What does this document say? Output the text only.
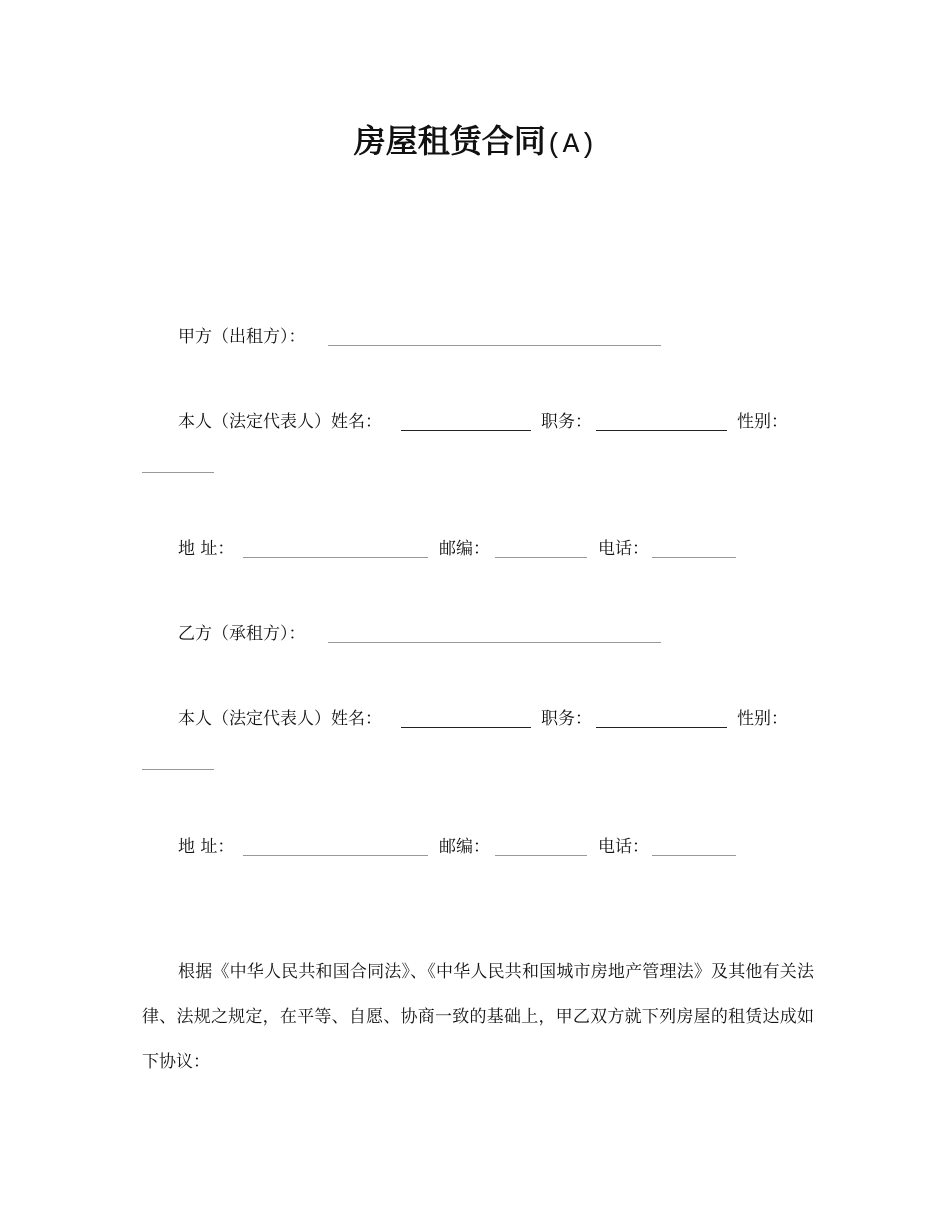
房屋租赁合同(A)
甲方（出租方）：
本人（法定代表人）姓名：	职务：	性别：
地 址：	邮编：	电话：
乙方（承租方）：
本人（法定代表人）姓名：	职务：	性别：
地 址：	邮编：	电话：
根据《中华人民共和国合同法》、《中华人民共和国城市房地产管理法》及其他有关法律、法规之规定，在平等、自愿、协商一致的基础上，甲乙双方就下列房屋的租赁达成如下协议：
